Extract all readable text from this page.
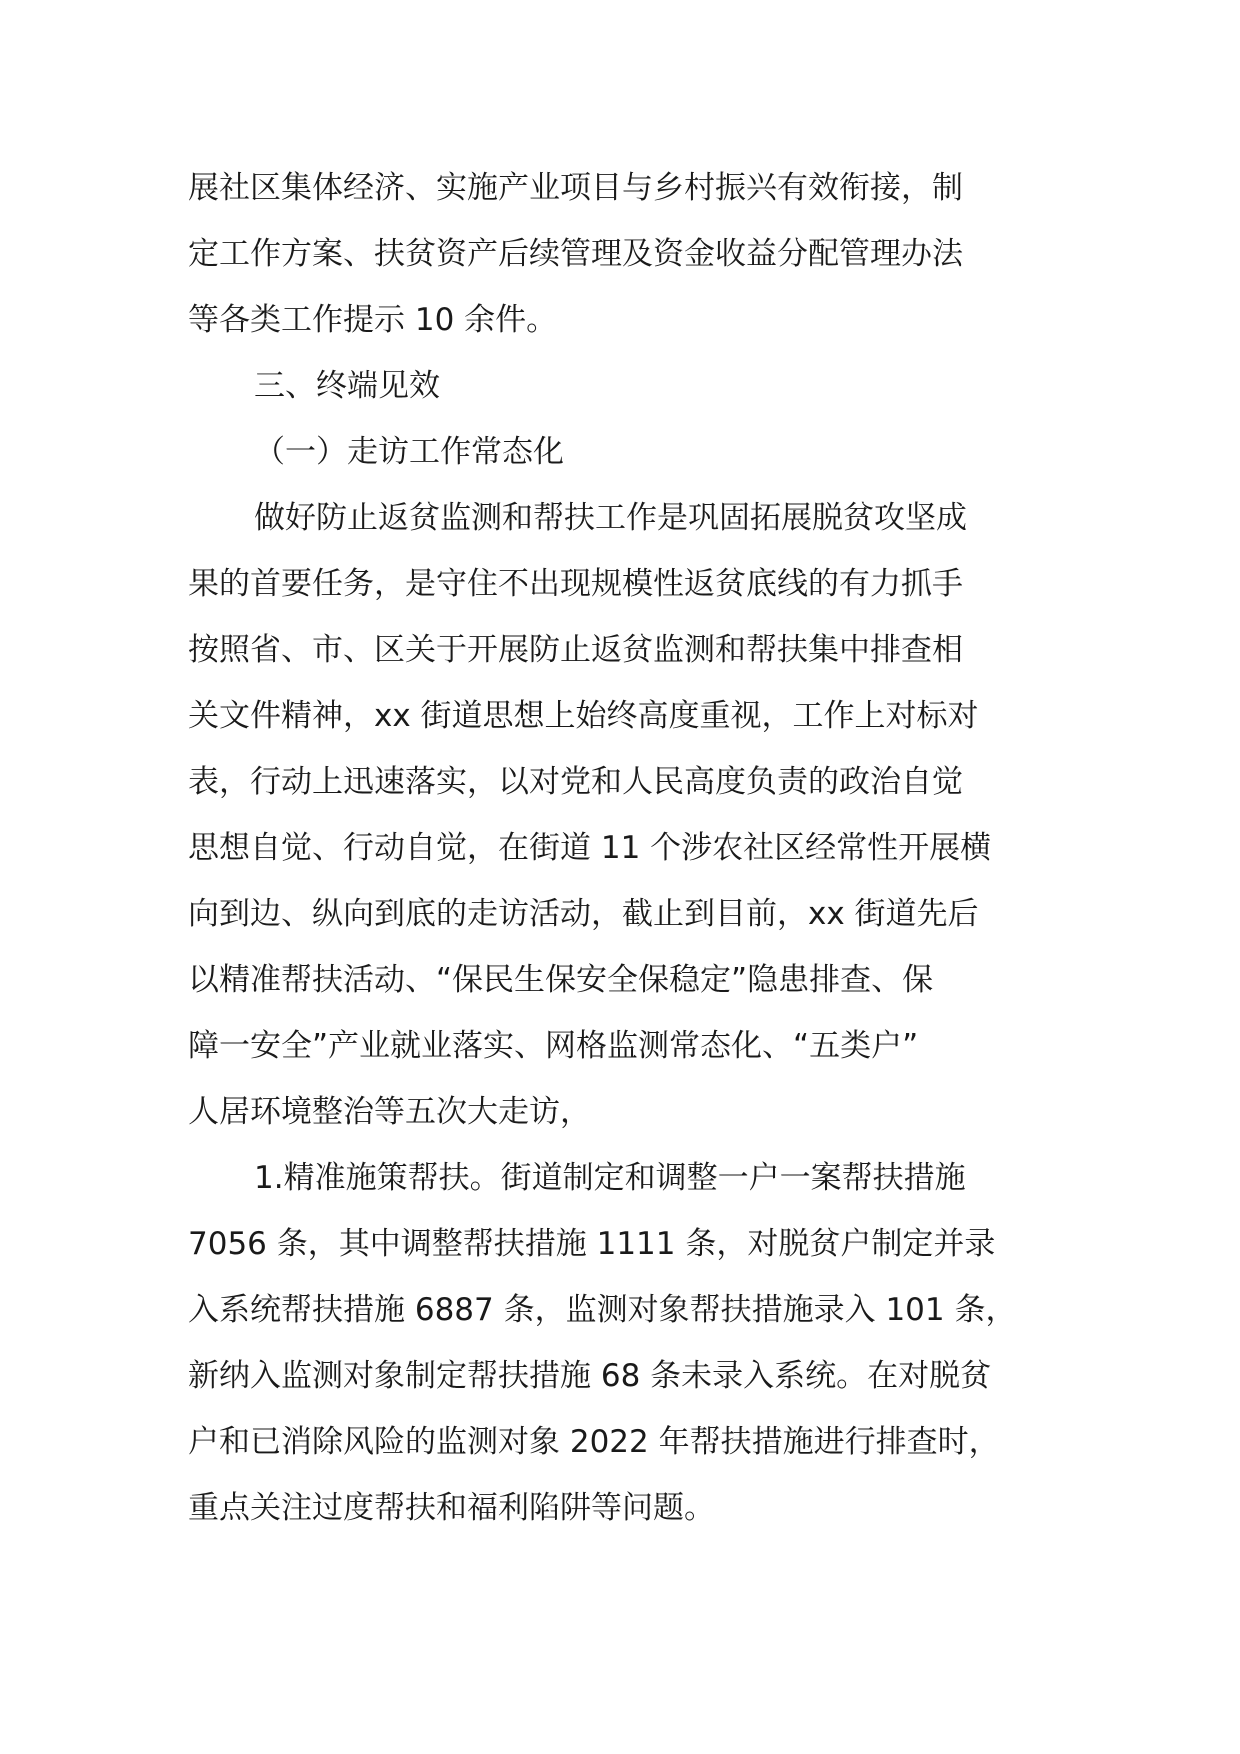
展社区集体经济、实施产业项目与乡村振兴有效衔接，制
定工作方案、扶贫资产后续管理及资金收益分配管理办法
等各类工作提示 10 余件。
三、终端见效
（一）走访工作常态化
做好防止返贫监测和帮扶工作是巩固拓展脱贫攻坚成
果的首要任务，是守住不出现规模性返贫底线的有力抓手
按照省、市、区关于开展防止返贫监测和帮扶集中排查相
关文件精神，xx 街道思想上始终高度重视，工作上对标对
表，行动上迅速落实，以对党和人民高度负责的政治自觉
思想自觉、行动自觉，在街道 11 个涉农社区经常性开展横
向到边、纵向到底的走访活动，截止到目前，xx 街道先后
以精准帮扶活动、“保民生保安全保稳定”隐患排查、保
障一安全”产业就业落实、网格监测常态化、“五类户”
人居环境整治等五次大走访，
1.精准施策帮扶。街道制定和调整一户一案帮扶措施
7056 条，其中调整帮扶措施 1111 条，对脱贫户制定并录
入系统帮扶措施 6887 条，监测对象帮扶措施录入 101 条，
新纳入监测对象制定帮扶措施 68 条未录入系统。在对脱贫
户和已消除风险的监测对象 2022 年帮扶措施进行排查时，
重点关注过度帮扶和福利陷阱等问题。
